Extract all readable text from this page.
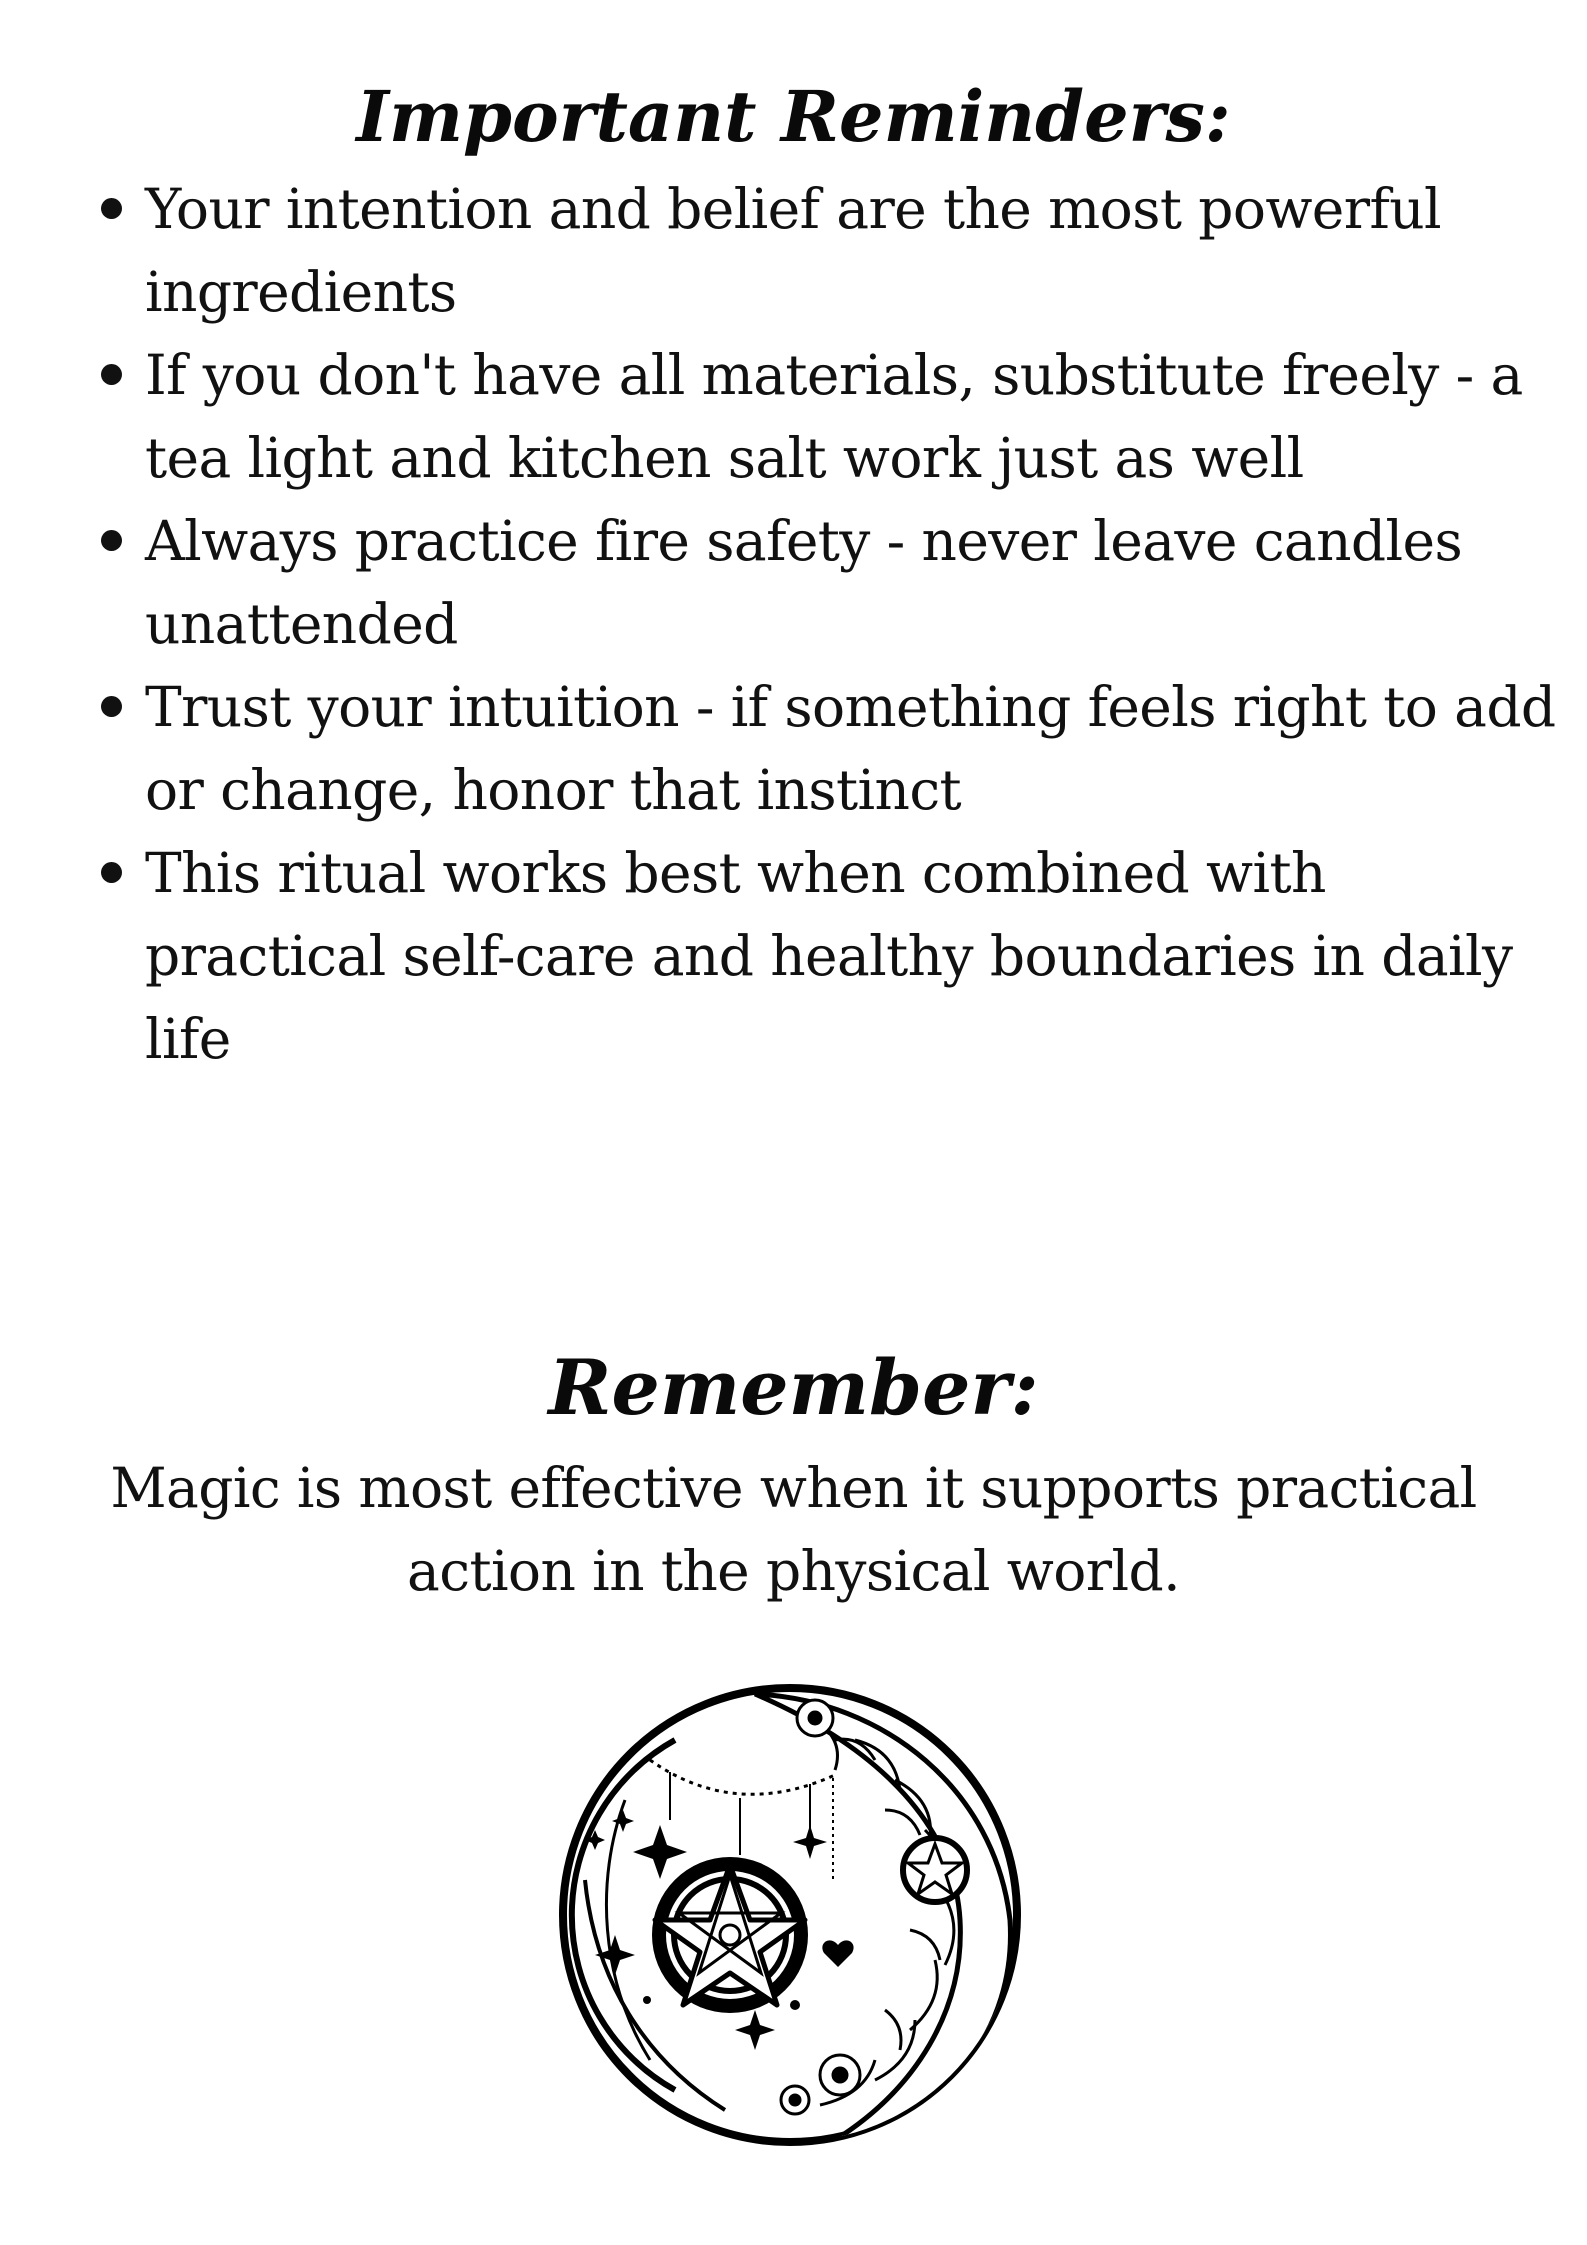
Important Reminders:
Your intention and belief are the most powerful ingredients
If you don't have all materials, substitute freely - a tea light and kitchen salt work just as well
Always practice fire safety - never leave candles unattended
Trust your intuition - if something feels right to add or change, honor that instinct
This ritual works best when combined with practical self-care and healthy boundaries in daily life
Remember:

Magic is most effective when it supports practical
action in the physical world.
